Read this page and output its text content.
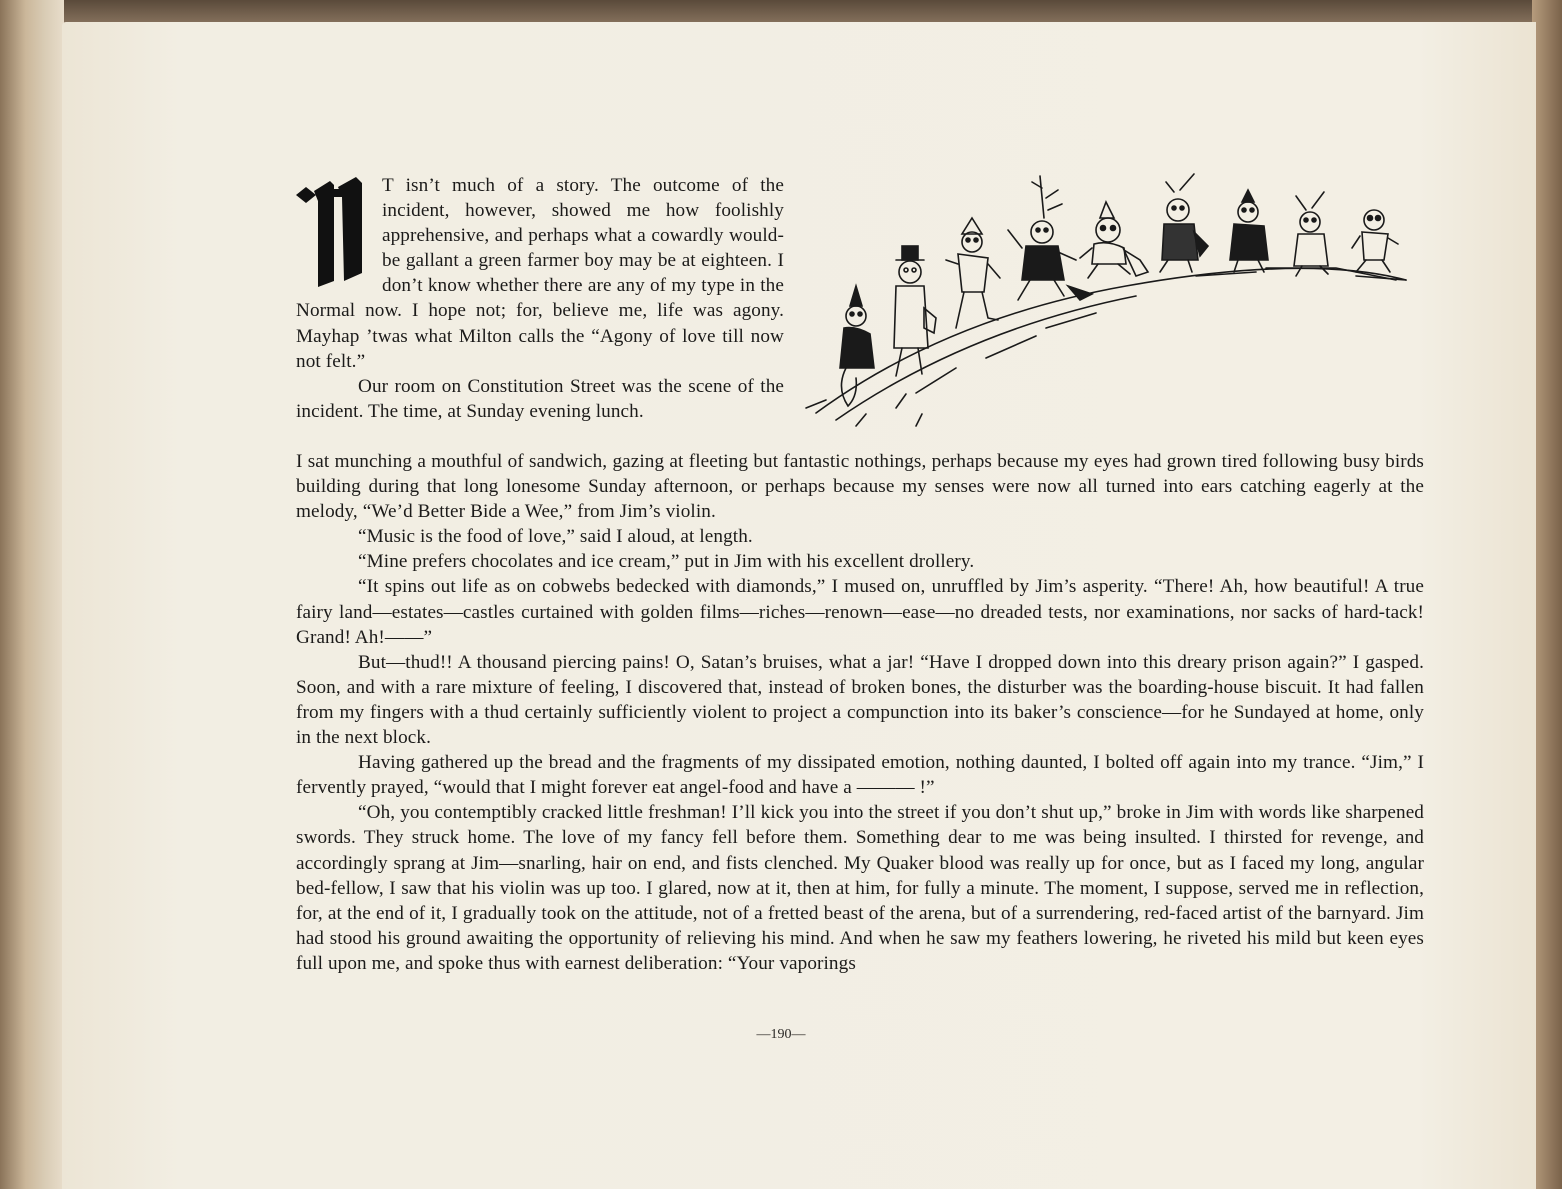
T isn’t much of a story. The outcome of the incident, however, showed me how foolishly apprehensive, and perhaps what a cowardly would-be gallant a green farmer boy may be at eighteen. I don’t know whether there are any of my type in the Normal now. I hope not; for, believe me, life was agony. Mayhap ’twas what Milton calls the “Agony of love till now not felt.”

Our room on Constitution Street was the scene of the incident. The time, at Sunday evening lunch.

I sat munching a mouthful of sandwich, gazing at fleeting but fantastic nothings, perhaps because my eyes had grown tired following busy birds building during that long lonesome Sunday afternoon, or perhaps because my senses were now all turned into ears catching eagerly at the melody, “We’d Better Bide a Wee,” from Jim’s violin.

“Music is the food of love,” said I aloud, at length.

“Mine prefers chocolates and ice cream,” put in Jim with his excellent drollery.

“It spins out life as on cobwebs bedecked with diamonds,” I mused on, unruffled by Jim’s asperity. “There! Ah, how beautiful! A true fairy land—estates—castles curtained with golden films—riches—renown—ease—no dreaded tests, nor examinations, nor sacks of hard-tack! Grand! Ah!——”

But—thud!! A thousand piercing pains! O, Satan’s bruises, what a jar! “Have I dropped down into this dreary prison again?” I gasped. Soon, and with a rare mixture of feeling, I discovered that, instead of broken bones, the disturber was the boarding-house biscuit. It had fallen from my fingers with a thud certainly sufficiently violent to project a compunction into its baker’s conscience—for he Sundayed at home, only in the next block.

Having gathered up the bread and the fragments of my dissipated emotion, nothing daunted, I bolted off again into my trance. “Jim,” I fervently prayed, “would that I might forever eat angel-food and have a ——— !”

“Oh, you contemptibly cracked little freshman! I’ll kick you into the street if you don’t shut up,” broke in Jim with words like sharpened swords. They struck home. The love of my fancy fell before them. Something dear to me was being insulted. I thirsted for revenge, and accordingly sprang at Jim—snarling, hair on end, and fists clenched. My Quaker blood was really up for once, but as I faced my long, angular bed-fellow, I saw that his violin was up too. I glared, now at it, then at him, for fully a minute. The moment, I suppose, served me in reflection, for, at the end of it, I gradually took on the attitude, not of a fretted beast of the arena, but of a surrendering, red-faced artist of the barnyard. Jim had stood his ground awaiting the opportunity of relieving his mind. And when he saw my feathers lowering, he riveted his mild but keen eyes full upon me, and spoke thus with earnest deliberation: “Your vaporings

—190—
